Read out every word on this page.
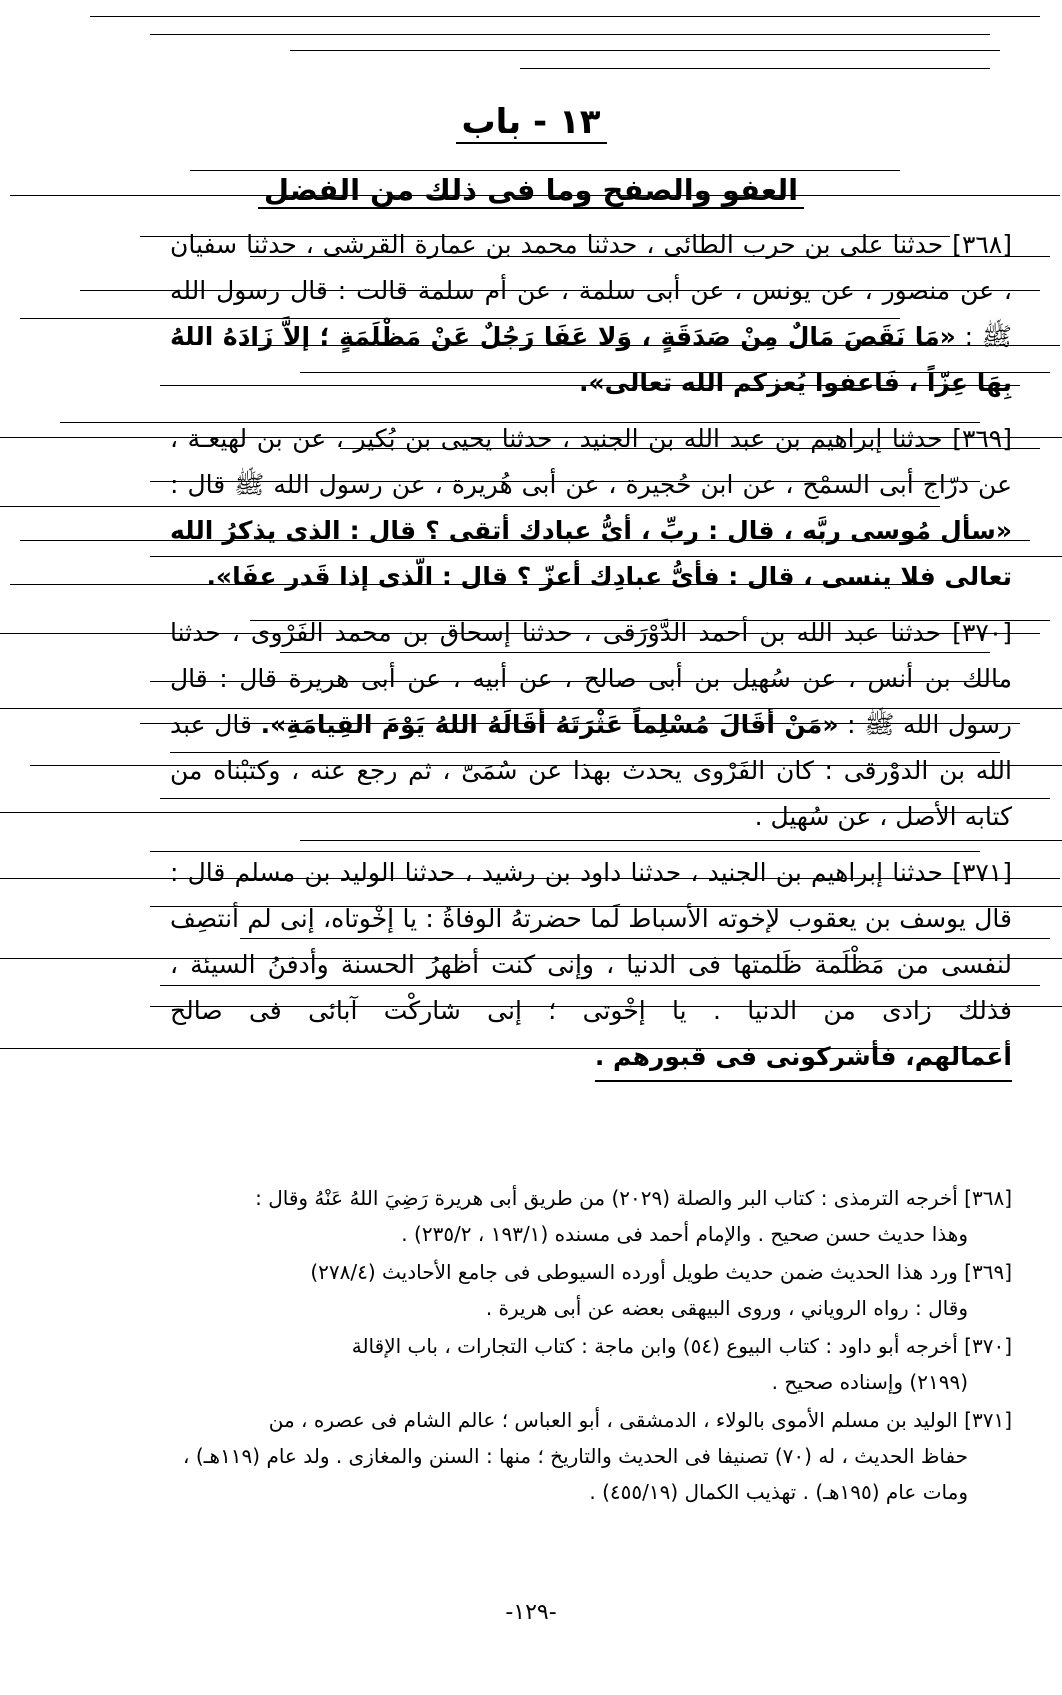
١٣ - باب
العفو والصفح وما فى ذلك من الفضل

[٣٦٨] حدثنا على بن حرب الطائى ، حدثنا محمد بن عمارة القرشى ، حدثنا سفيان ، عن منصور ، عن يونس ، عن أبى سلمة ، عن أم سلمة قالت : قال رسول الله ﷺ : «مَا نَقَصَ مَالٌ مِنْ صَدَقَةٍ ، وَلا عَفَا رَجُلٌ عَنْ مَظْلَمَةٍ ؛ إلاَّ زَادَهُ اللهُ بِهَا عِزّاً ، فَاعفوا يُعزكم الله تعالى».

[٣٦٩] حدثنا إبراهيم بن عبد الله بن الجنيد ، حدثنا يحيى بن بُكير ، عن بن لهيعـة ، عن درّاج أبى السمْح ، عن ابن حُجيرة ، عن أبى هُريرة ، عن رسول الله ﷺ قال : «سأل مُوسى ربَّه ، قال : ربِّ ، أىُّ عبادك أتقى ؟ قال : الذى يذكرُ الله تعالى فلا ينسى ، قال : فأىُّ عبادِك أعزّ ؟ قال : الّذى إذا قَدر عفَا».

[٣٧٠] حدثنا عبد الله بن أحمد الدَّوْرَقى ، حدثنا إسحاق بن محمد الفَرْوى ، حدثنا مالك بن أنس ، عن سُهيل بن أبى صالح ، عن أبيه ، عن أبى هريرة قال : قال رسول الله ﷺ : «مَنْ أقَالَ مُسْلِماً عَثْرَتَهُ أقَالَهُ اللهُ يَوْمَ القِيامَةِ». قال عبد الله بن الدوْرقى : كان الفَرْوى يحدث بهذا عن سُمَىّ ، ثم رجع عنه ، وكتبْناه من كتابه الأصل ، عن سُهيل .

[٣٧١] حدثنا إبراهيم بن الجنيد ، حدثنا داود بن رشيد ، حدثنا الوليد بن مسلم قال : قال يوسف بن يعقوب لإخوته الأسباط لَما حضرتهُ الوفاةُ : يا إخْوتاه، إنى لم أنتصِف لنفسى من مَظْلَمة ظَلمتها فى الدنيا ، وإنى كنت أظهرُ الحسنة وأدفنُ السيئة ، فذلك زادى من الدنيا . يا إخْوتى ؛ إنى شاركْت آبائى فى صالح أعمالهم، فأشركونى فى قبورهم .

[٣٦٨] أخرجه الترمذى : كتاب البر والصلة (٢٠٢٩) من طريق أبى هريرة رَضِيَ اللهُ عَنْهُ وقال :
وهذا حديث حسن صحيح . والإمام أحمد فى مسنده (١٩٣/١ ، ٢٣٥/٢) .
[٣٦٩] ورد هذا الحديث ضمن حديث طويل أورده السيوطى فى جامع الأحاديث (٢٧٨/٤)
وقال : رواه الروياني ، وروى البيهقى بعضه عن أبى هريرة .
[٣٧٠] أخرجه أبو داود : كتاب البيوع (٥٤) وابن ماجة : كتاب التجارات ، باب الإقالة
(٢١٩٩) وإسناده صحيح .
[٣٧١] الوليد بن مسلم الأموى بالولاء ، الدمشقى ، أبو العباس ؛ عالم الشام فى عصره ، من
حفاظ الحديث ، له (٧٠) تصنيفا فى الحديث والتاريخ ؛ منها : السنن والمغازى . ولد عام (١١٩هـ) ، ومات عام (١٩٥هـ) . تهذيب الكمال (٤٥٥/١٩) .
-١٢٩-
